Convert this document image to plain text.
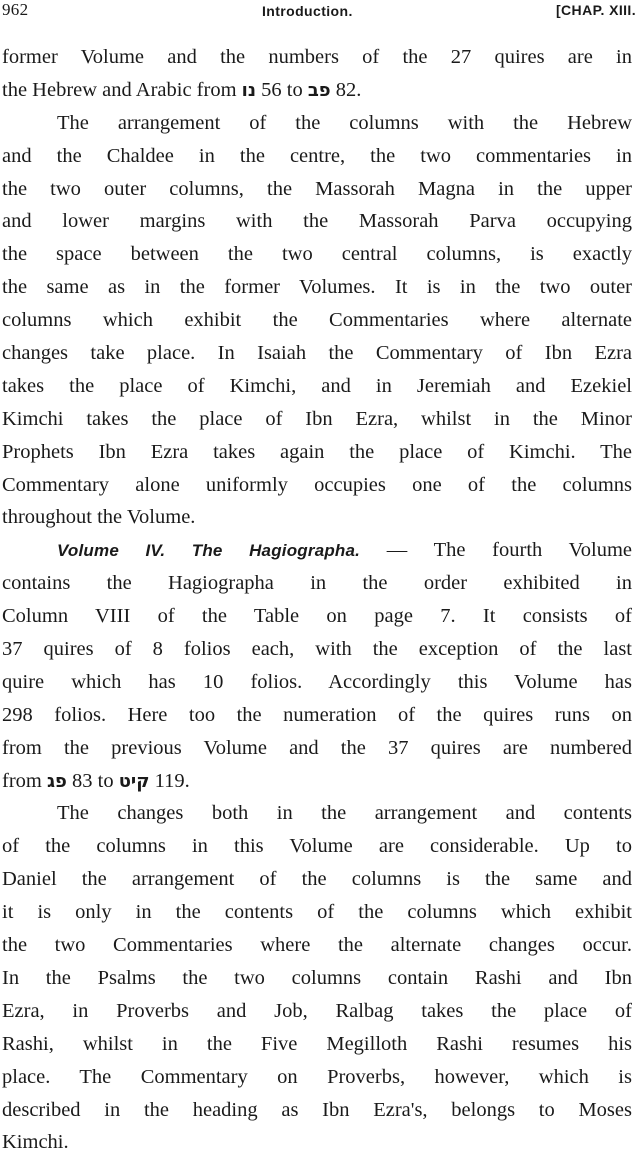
962	Introduction.	[CHAP. XIII.
former Volume and the numbers of the 27 quires are in
the Hebrew and Arabic from נו 56 to פב 82.
The arrangement of the columns with the Hebrew
and the Chaldee in the centre, the two commentaries in
the two outer columns, the Massorah Magna in the upper
and lower margins with the Massorah Parva occupying
the space between the two central columns, is exactly
the same as in the former Volumes. It is in the two outer
columns which exhibit the Commentaries where alternate
changes take place. In Isaiah the Commentary of Ibn Ezra
takes the place of Kimchi, and in Jeremiah and Ezekiel
Kimchi takes the place of Ibn Ezra, whilst in the Minor
Prophets Ibn Ezra takes again the place of Kimchi. The
Commentary alone uniformly occupies one of the columns
throughout the Volume.
Volume IV. The Hagiographa. — The fourth Volume
contains the Hagiographa in the order exhibited in
Column VIII of the Table on page 7. It consists of
37 quires of 8 folios each, with the exception of the last
quire which has 10 folios. Accordingly this Volume has
298 folios. Here too the numeration of the quires runs on
from the previous Volume and the 37 quires are numbered
from פג 83 to קיט 119.
The changes both in the arrangement and contents
of the columns in this Volume are considerable. Up to
Daniel the arrangement of the columns is the same and
it is only in the contents of the columns which exhibit
the two Commentaries where the alternate changes occur.
In the Psalms the two columns contain Rashi and Ibn
Ezra, in Proverbs and Job, Ralbag takes the place of
Rashi, whilst in the Five Megilloth Rashi resumes his
place. The Commentary on Proverbs, however, which is
described in the heading as Ibn Ezra's, belongs to Moses
Kimchi.
